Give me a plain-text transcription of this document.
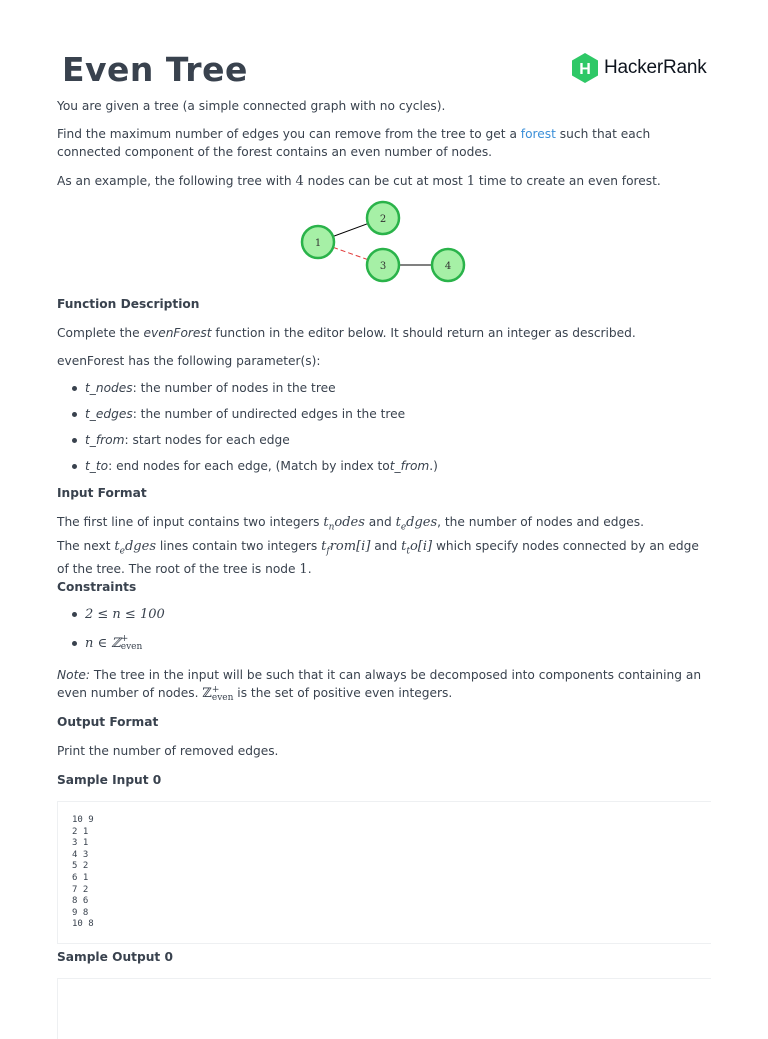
Even Tree	H HackerRank

You are given a tree (a simple connected graph with no cycles).

Find the maximum number of edges you can remove from the tree to get a forest such that each
connected component of the forest contains an even number of nodes.

As an example, the following tree with 4 nodes can be cut at most 1 time to create an even forest.

1
2
3	4

Function Description

Complete the evenForest function in the editor below. It should return an integer as described.

evenForest has the following parameter(s):

t_nodes : the number of nodes in the tree
t_edges : the number of undirected edges in the tree
t_from : start nodes for each edge
t_to : end nodes for each edge, (Match by index to t_from .)

Input Format

The first line of input contains two integers $t_nodes$ and $t_edges$, the number of nodes and edges.
The next $t_edges$ lines contain two integers $t_from[i]$ and $t_to[i]$ which specify nodes connected by an edge
of the tree. The root of the tree is node 1.

Constraints

2 ≤ n ≤ 100
n ∈ ℤ +
even

Note: The tree in the input will be such that it can always be decomposed into components containing an
even number of nodes. ℤ +
even is the set of positive even integers.

Output Format

Print the number of removed edges.

Sample Input 0

10 9
2 1
3 1
4 3
5 2
6 1
7 2
8 6
9 8
10 8

Sample Output 0
